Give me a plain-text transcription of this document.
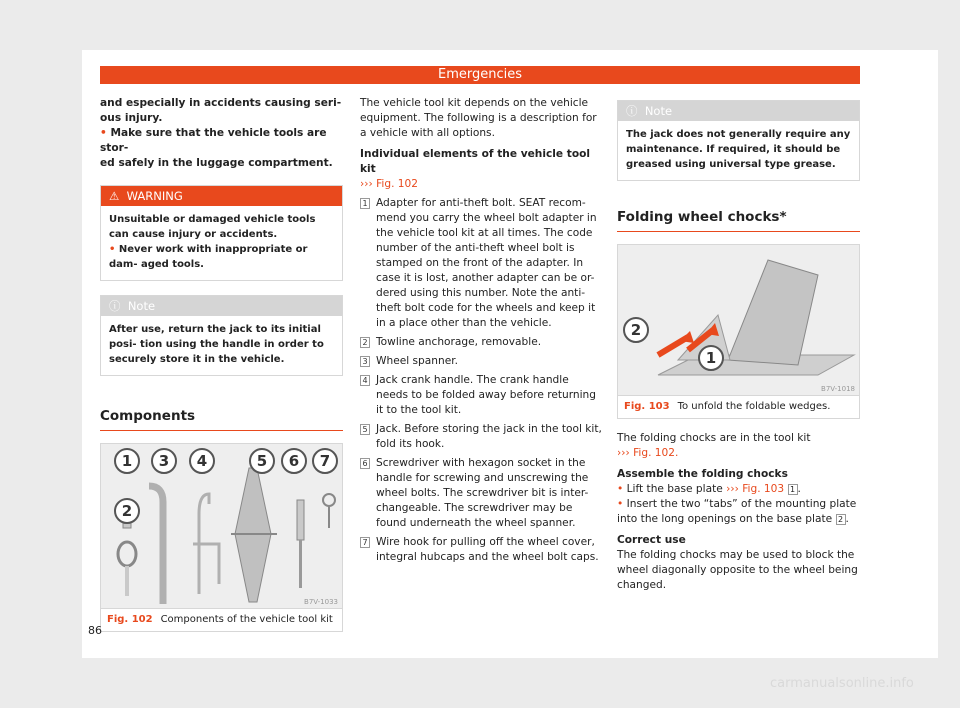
Emergencies

and especially in accidents causing seri-

ous injury.

• Make sure that the vehicle tools are stor-

ed safely in the luggage compartment.

⚠  WARNING
Unsuitable or damaged vehicle tools can cause injury or accidents.
• Never work with inappropriate or dam- aged tools.
ⓘ  Note
After use, return the jack to its initial posi- tion using the handle in order to securely store it in the vehicle.
Components
1
2
3	4	5	6	7
B7V-1033
Fig. 102 Components of the vehicle tool kit

The vehicle tool kit depends on the vehicle equipment. The following is a description for a vehicle with all options.

Individual elements of the vehicle tool kit

››› Fig. 102

1 Adapter for anti-theft bolt. SEAT recom- mend you carry the wheel bolt adapter in the vehicle tool kit at all times. The code number of the anti-theft wheel bolt is stamped on the front of the adapter. In case it is lost, another adapter can be or- dered using this number. Note the anti- theft bolt code for the wheels and keep it in a place other than the vehicle.
2 Towline anchorage, removable.
3 Wheel spanner.
4 Jack crank handle. The crank handle needs to be folded away before returning it to the tool kit.
5 Jack. Before storing the jack in the tool kit, fold its hook.
6 Screwdriver with hexagon socket in the handle for screwing and unscrewing the wheel bolts. The screwdriver bit is inter- changeable. The screwdriver may be found underneath the wheel spanner.
7 Wire hook for pulling off the wheel cover, integral hubcaps and the wheel bolt caps.
ⓘ  Note
The jack does not generally require any maintenance. If required, it should be greased using universal type grease.
Folding wheel chocks*
2
1
B7V-1018
Fig. 103 To unfold the foldable wedges.

The folding chocks are in the tool kit
››› Fig. 102.

Assemble the folding chocks

• Lift the base plate ››› Fig. 103 1 .

• Insert the two “tabs” of the mounting plate into the long openings on the base plate 2 .

Correct use

The folding chocks may be used to block the wheel diagonally opposite to the wheel being changed.

86
carmanualsonline.info
